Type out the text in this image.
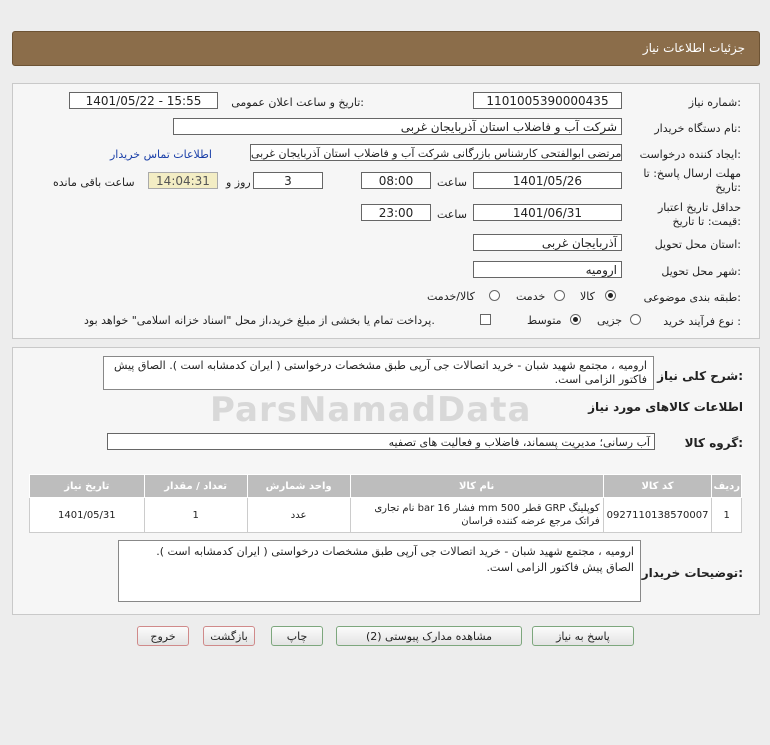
جزئیات اطلاعات نیاز
شماره نیاز:
1101005390000435
تاریخ و ساعت اعلان عمومی:
1401/05/22 - 15:55
نام دستگاه خریدار:
شرکت آب و فاضلاب استان آذربایجان غربی
ایجاد کننده درخواست:
مرتضی ابوالفتحی کارشناس بازرگانی شرکت آب و فاضلاب استان آذربایجان غربی
اطلاعات تماس خریدار
مهلت ارسال پاسخ: تا
تاریخ:
1401/05/26
ساعت
08:00
3
روز و
14:04:31
ساعت باقی مانده
حداقل تاریخ اعتبار
قیمت: تا تاریخ:
1401/06/31
ساعت
23:00
استان محل تحویل:
آذربایجان غربی
شهر محل تحویل:
ارومیه
طبقه بندی موضوعی:
کالا
خدمت
کالا/خدمت
نوع فرآیند خرید :
جزیی
متوسط
پرداخت تمام یا بخشی از مبلغ خرید،از محل "اسناد خزانه اسلامی" خواهد بود.
شرح کلی نیاز:
ارومیه ، مجتمع شهید شبان - خرید اتصالات جی آرپی طبق مشخصات درخواستی ( ایران کدمشابه است ). الصاق پیش فاکتور الزامی است.
اطلاعات کالاهای مورد نیاز
ParsNamadData
گروه کالا:
آب رسانی؛ مدیریت پسماند، فاضلاب و فعالیت های تصفیه
ردیف	کد کالا	نام کالا	واحد شمارش	تعداد / مقدار	تاریخ نیاز
1	0927110138570007	کوپلینگ GRP قطر 500 mm فشار 16 bar نام تجاری فراتک مرجع عرضه کننده فراسان	عدد	1	1401/05/31
توضیحات خریدار:
ارومیه ، مجتمع شهید شبان - خرید اتصالات جی آرپی طبق مشخصات درخواستی ( ایران کدمشابه است ). الصاق پیش فاکتور الزامی است.
پاسخ به نیاز
مشاهده مدارک پیوستی (2)
چاپ
بازگشت
خروج
